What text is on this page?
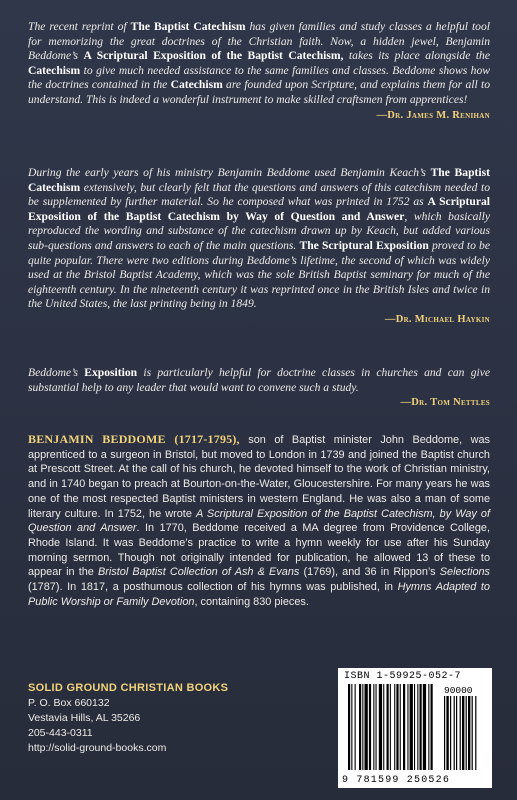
The recent reprint of The Baptist Catechism has given families and study classes a helpful tool for memorizing the great doctrines of the Christian faith. Now, a hidden jewel, Benjamin Beddome’s A Scriptural Exposition of the Baptist Catechism, takes its place alongside the Catechism to give much needed assistance to the same families and classes. Beddome shows how the doctrines contained in the Catechism are founded upon Scripture, and explains them for all to understand. This is indeed a wonderful instrument to make skilled craftsmen from apprentices!
—Dr. James M. Renihan
During the early years of his ministry Benjamin Beddome used Benjamin Keach’s The Baptist Catechism extensively, but clearly felt that the questions and answers of this catechism needed to be supplemented by further material. So he composed what was printed in 1752 as A Scriptural Exposition of the Baptist Catechism by Way of Question and Answer, which basically reproduced the wording and substance of the catechism drawn up by Keach, but added various sub-questions and answers to each of the main questions. The Scriptural Exposition proved to be quite popular. There were two editions during Beddome’s lifetime, the second of which was widely used at the Bristol Baptist Academy, which was the sole British Baptist seminary for much of the eighteenth century. In the nineteenth century it was reprinted once in the British Isles and twice in the United States, the last printing being in 1849.
—Dr. Michael Haykin
Beddome’s Exposition is particularly helpful for doctrine classes in churches and can give substantial help to any leader that would want to convene such a study.
—Dr. Tom Nettles
BENJAMIN BEDDOME (1717-1795), son of Baptist minister John Beddome, was apprenticed to a surgeon in Bristol, but moved to London in 1739 and joined the Baptist church at Prescott Street. At the call of his church, he devoted himself to the work of Christian ministry, and in 1740 began to preach at Bourton-on-the-Water, Gloucestershire. For many years he was one of the most respected Baptist ministers in western England. He was also a man of some literary culture. In 1752, he wrote A Scriptural Exposition of the Baptist Catechism, by Way of Question and Answer. In 1770, Beddome received a MA degree from Providence College, Rhode Island. It was Beddome’s practice to write a hymn weekly for use after his Sunday morning sermon. Though not originally intended for publication, he allowed 13 of these to appear in the Bristol Baptist Collection of Ash & Evans (1769), and 36 in Rippon’s Selections (1787). In 1817, a posthumous collection of his hymns was published, in Hymns Adapted to Public Worship or Family Devotion, containing 830 pieces.
SOLID GROUND CHRISTIAN BOOKS
P. O. Box 660132
Vestavia Hills, AL 35266
205-443-0311
http://solid-ground-books.com
ISBN 1-59925-052-7
90000
9 781599 250526
